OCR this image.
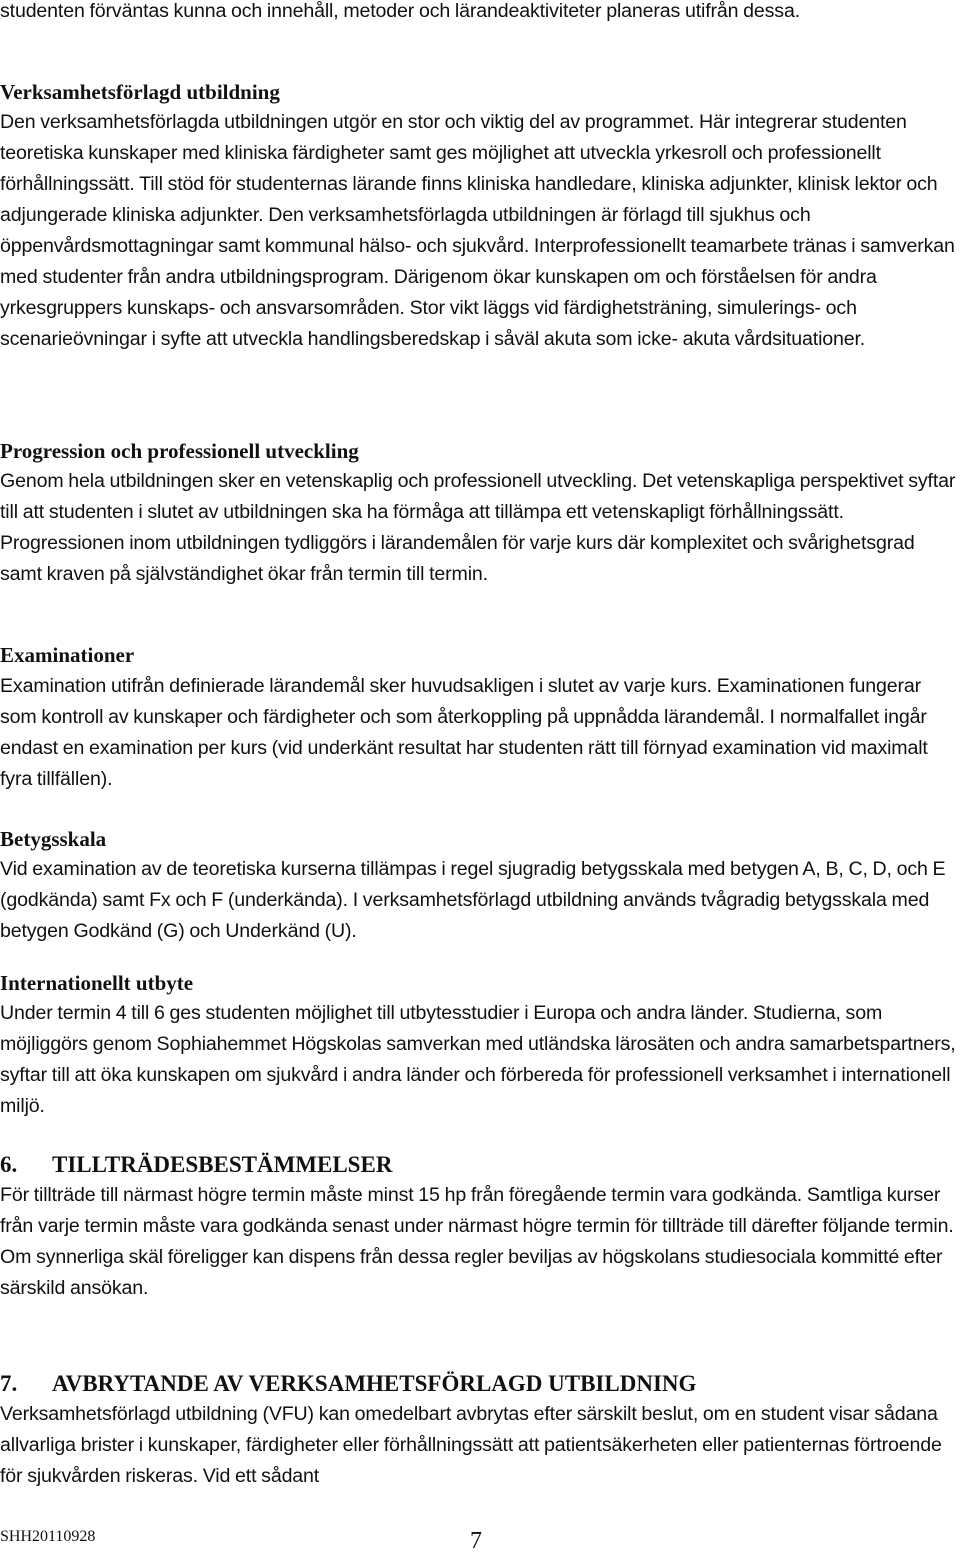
studenten förväntas kunna och innehåll, metoder och lärandeaktiviteter planeras utifrån dessa.

Verksamhetsförlagd utbildning

Den verksamhetsförlagda utbildningen utgör en stor och viktig del av programmet. Här integrerar studenten teoretiska kunskaper med kliniska färdigheter samt ges möjlighet att utveckla yrkesroll och professionellt förhållningssätt. Till stöd för studenternas lärande finns kliniska handledare, kliniska adjunkter, klinisk lektor och adjungerade kliniska adjunkter. Den verksamhetsförlagda utbildningen är förlagd till sjukhus och öppenvårdsmottagningar samt kommunal hälso- och sjukvård. Interprofessionellt teamarbete tränas i samverkan med studenter från andra utbildningsprogram. Därigenom ökar kunskapen om och förståelsen för andra yrkesgruppers kunskaps- och ansvarsområden. Stor vikt läggs vid färdighetsträning, simulerings- och scenarieövningar i syfte att utveckla handlingsberedskap i såväl akuta som icke- akuta vårdsituationer.

Progression och professionell utveckling

Genom hela utbildningen sker en vetenskaplig och professionell utveckling. Det vetenskapliga perspektivet syftar till att studenten i slutet av utbildningen ska ha förmåga att tillämpa ett vetenskapligt förhållningssätt. Progressionen inom utbildningen tydliggörs i lärandemålen för varje kurs där komplexitet och svårighetsgrad samt kraven på självständighet ökar från termin till termin.

Examinationer

Examination utifrån definierade lärandemål sker huvudsakligen i slutet av varje kurs. Examinationen fungerar som kontroll av kunskaper och färdigheter och som återkoppling på uppnådda lärandemål. I normalfallet ingår endast en examination per kurs (vid underkänt resultat har studenten rätt till förnyad examination vid maximalt fyra tillfällen).

Betygsskala

Vid examination av de teoretiska kurserna tillämpas i regel sjugradig betygsskala med betygen A, B, C, D, och E (godkända) samt Fx och F (underkända). I verksamhetsförlagd utbildning används tvågradig betygsskala med betygen Godkänd (G) och Underkänd (U).

Internationellt utbyte

Under termin 4 till 6 ges studenten möjlighet till utbytesstudier i Europa och andra länder. Studierna, som möjliggörs genom Sophiahemmet Högskolas samverkan med utländska lärosäten och andra samarbetspartners, syftar till att öka kunskapen om sjukvård i andra länder och förbereda för professionell verksamhet i internationell miljö.

6. TILLTRÄDESBESTÄMMELSER

För tillträde till närmast högre termin måste minst 15 hp från föregående termin vara godkända. Samtliga kurser från varje termin måste vara godkända senast under närmast högre termin för tillträde till därefter följande termin. Om synnerliga skäl föreligger kan dispens från dessa regler beviljas av högskolans studiesociala kommitté efter särskild ansökan.

7. AVBRYTANDE AV VERKSAMHETSFÖRLAGD UTBILDNING

Verksamhetsförlagd utbildning (VFU) kan omedelbart avbrytas efter särskilt beslut, om en student visar sådana allvarliga brister i kunskaper, färdigheter eller förhållningssätt att patientsäkerheten eller patienternas förtroende för sjukvården riskeras. Vid ett sådant

SHH20110928	7
